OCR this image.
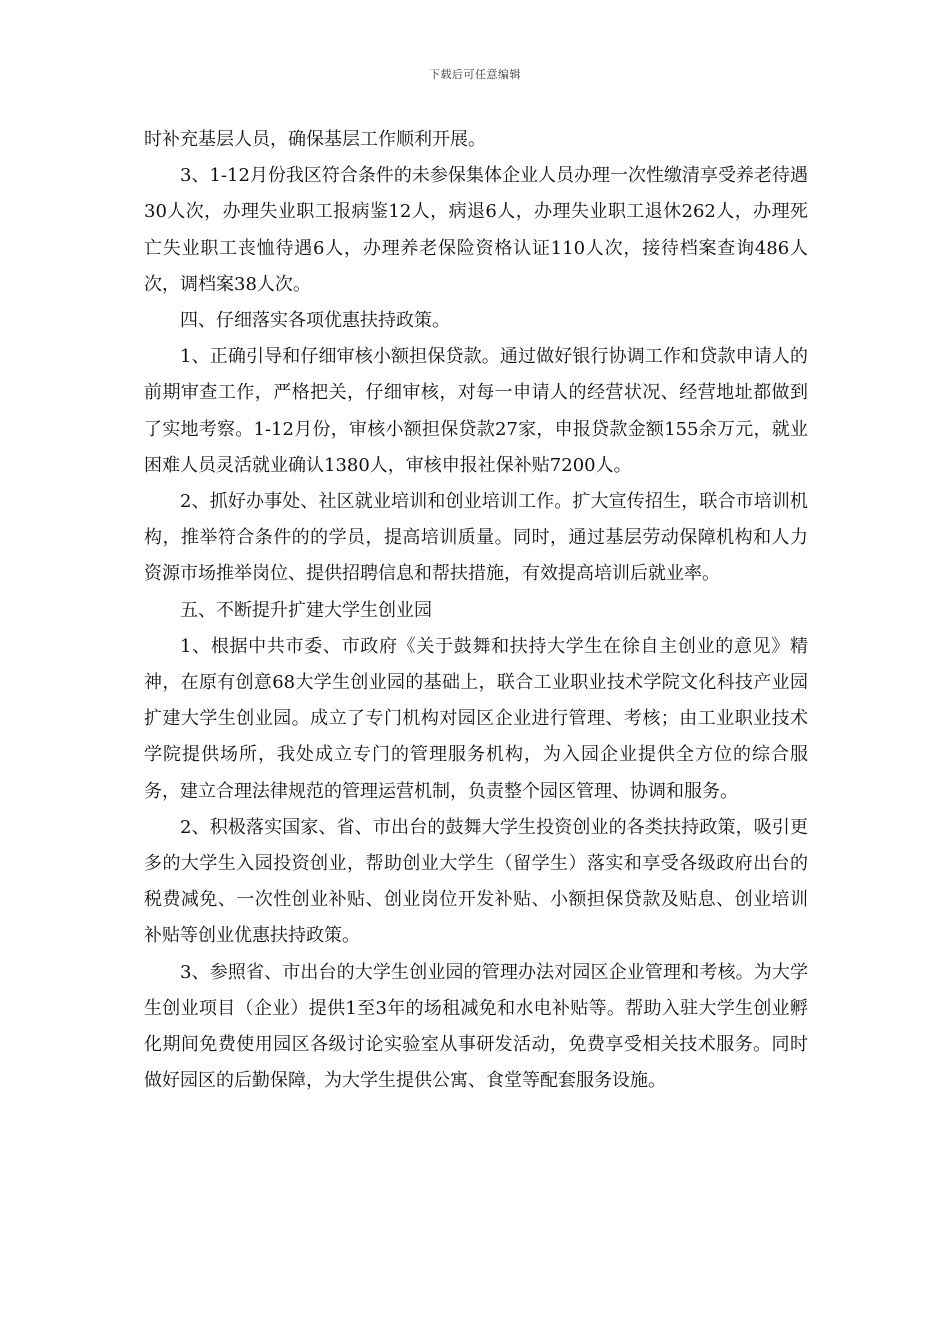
下载后可任意编辑

时补充基层人员，确保基层工作顺利开展。

3、1-12月份我区符合条件的未参保集体企业人员办理一次性缴清享受养老待遇30人次，办理失业职工报病鉴12人，病退6人，办理失业职工退休262人，办理死亡失业职工丧恤待遇6人，办理养老保险资格认证110人次，接待档案查询486人次，调档案38人次。

四、仔细落实各项优惠扶持政策。

1、正确引导和仔细审核小额担保贷款。通过做好银行协调工作和贷款申请人的前期审查工作，严格把关，仔细审核，对每一申请人的经营状况、经营地址都做到了实地考察。1-12月份，审核小额担保贷款27家，申报贷款金额155余万元，就业困难人员灵活就业确认1380人，审核申报社保补贴7200人。

2、抓好办事处、社区就业培训和创业培训工作。扩大宣传招生，联合市培训机构，推举符合条件的的学员，提高培训质量。同时，通过基层劳动保障机构和人力资源市场推举岗位、提供招聘信息和帮扶措施，有效提高培训后就业率。

五、不断提升扩建大学生创业园

1、根据中共市委、市政府《关于鼓舞和扶持大学生在徐自主创业的意见》精神，在原有创意68大学生创业园的基础上，联合工业职业技术学院文化科技产业园扩建大学生创业园。成立了专门机构对园区企业进行管理、考核；由工业职业技术学院提供场所，我处成立专门的管理服务机构，为入园企业提供全方位的综合服务，建立合理法律规范的管理运营机制，负责整个园区管理、协调和服务。

2、积极落实国家、省、市出台的鼓舞大学生投资创业的各类扶持政策，吸引更多的大学生入园投资创业，帮助创业大学生（留学生）落实和享受各级政府出台的税费减免、一次性创业补贴、创业岗位开发补贴、小额担保贷款及贴息、创业培训补贴等创业优惠扶持政策。

3、参照省、市出台的大学生创业园的管理办法对园区企业管理和考核。为大学生创业项目（企业）提供1至3年的场租减免和水电补贴等。帮助入驻大学生创业孵化期间免费使用园区各级讨论实验室从事研发活动，免费享受相关技术服务。同时做好园区的后勤保障，为大学生提供公寓、食堂等配套服务设施。
